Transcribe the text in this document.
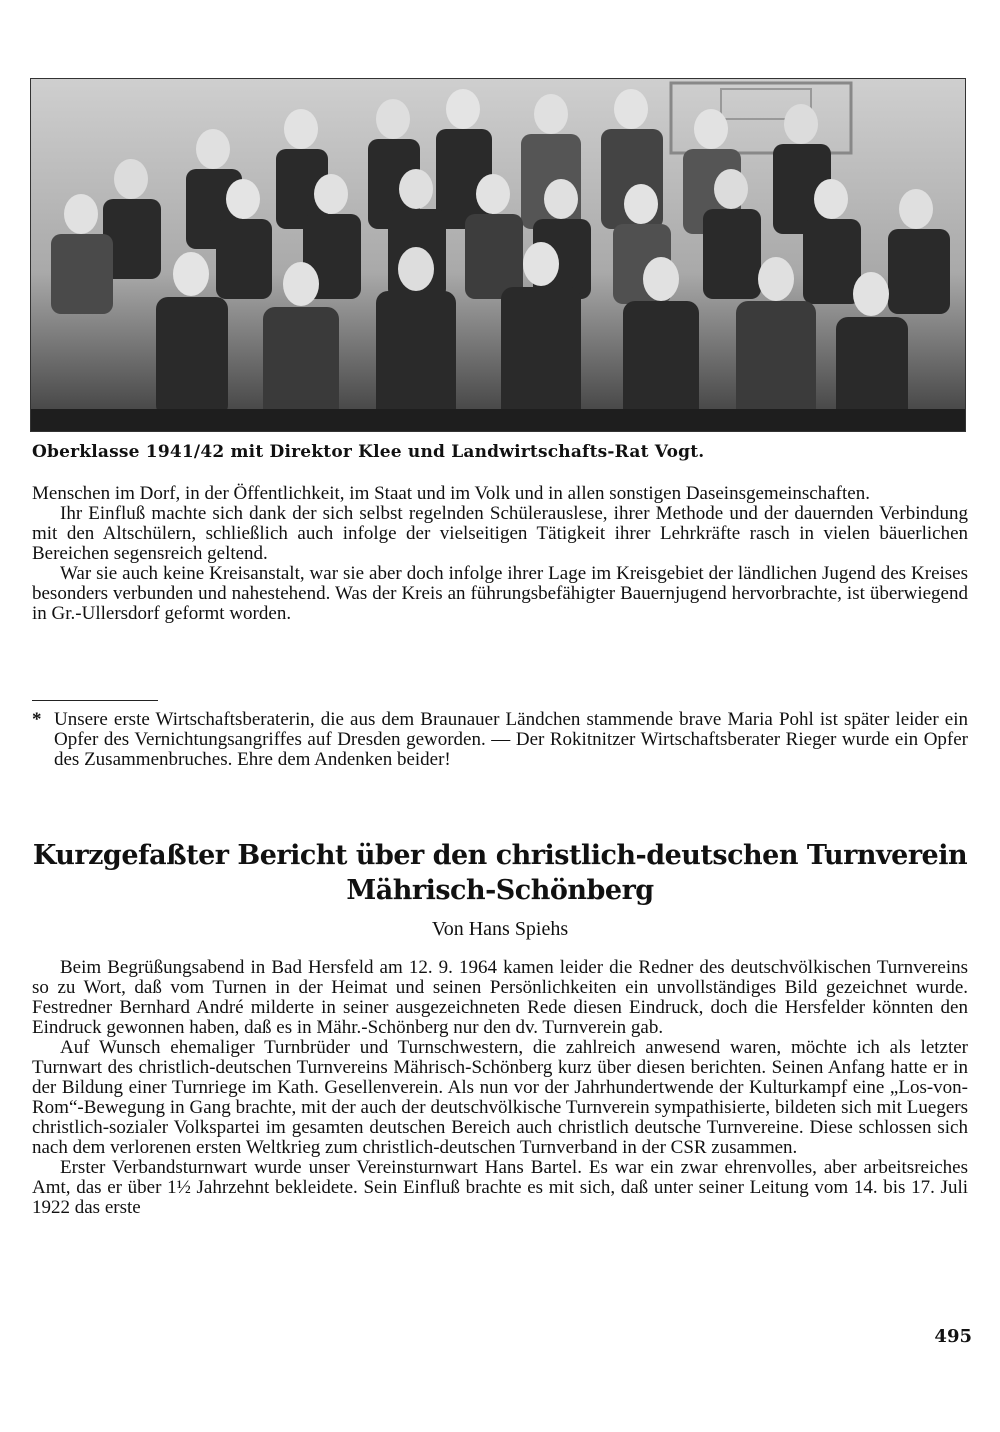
Oberklasse 1941/42 mit Direktor Klee und Landwirtschafts-Rat Vogt.

Menschen im Dorf, in der Öffentlichkeit, im Staat und im Volk und in allen sonstigen Daseinsgemeinschaften.

Ihr Einfluß machte sich dank der sich selbst regelnden Schülerauslese, ihrer Methode und der dauernden Verbindung mit den Altschülern, schließlich auch infolge der vielseitigen Tätigkeit ihrer Lehrkräfte rasch in vielen bäuerlichen Bereichen segensreich geltend.

War sie auch keine Kreisanstalt, war sie aber doch infolge ihrer Lage im Kreisgebiet der ländlichen Jugend des Kreises besonders verbunden und nahestehend. Was der Kreis an führungsbefähigter Bauernjugend hervorbrachte, ist überwiegend in Gr.-Ullersdorf geformt worden.

* Unsere erste Wirtschaftsberaterin, die aus dem Braunauer Ländchen stammende brave Maria Pohl ist später leider ein Opfer des Vernichtungsangriffes auf Dresden geworden. — Der Rokitnitzer Wirtschaftsberater Rieger wurde ein Opfer des Zusammenbruches. Ehre dem Andenken beider!
Kurzgefaßter Bericht über den christlich-deutschen Turnverein
Mährisch-Schönberg
Von Hans Spiehs

Beim Begrüßungsabend in Bad Hersfeld am 12. 9. 1964 kamen leider die Redner des deutschvölkischen Turnvereins so zu Wort, daß vom Turnen in der Heimat und seinen Persönlichkeiten ein unvollständiges Bild gezeichnet wurde. Festredner Bernhard André milderte in seiner ausgezeichneten Rede diesen Eindruck, doch die Hersfelder könnten den Eindruck gewonnen haben, daß es in Mähr.-Schönberg nur den dv. Turnverein gab.

Auf Wunsch ehemaliger Turnbrüder und Turnschwestern, die zahlreich anwesend waren, möchte ich als letzter Turnwart des christlich-deutschen Turnvereins Mährisch-Schönberg kurz über diesen berichten. Seinen Anfang hatte er in der Bildung einer Turnriege im Kath. Gesellenverein. Als nun vor der Jahrhundertwende der Kulturkampf eine „Los-von-Rom“-Bewegung in Gang brachte, mit der auch der deutschvölkische Turnverein sympathisierte, bildeten sich mit Luegers christlich-sozialer Volkspartei im gesamten deutschen Bereich auch christlich deutsche Turnvereine. Diese schlossen sich nach dem verlorenen ersten Weltkrieg zum christlich-deutschen Turnverband in der CSR zusammen.

Erster Verbandsturnwart wurde unser Vereinsturnwart Hans Bartel. Es war ein zwar ehrenvolles, aber arbeitsreiches Amt, das er über 1½ Jahrzehnt bekleidete. Sein Einfluß brachte es mit sich, daß unter seiner Leitung vom 14. bis 17. Juli 1922 das erste

495
